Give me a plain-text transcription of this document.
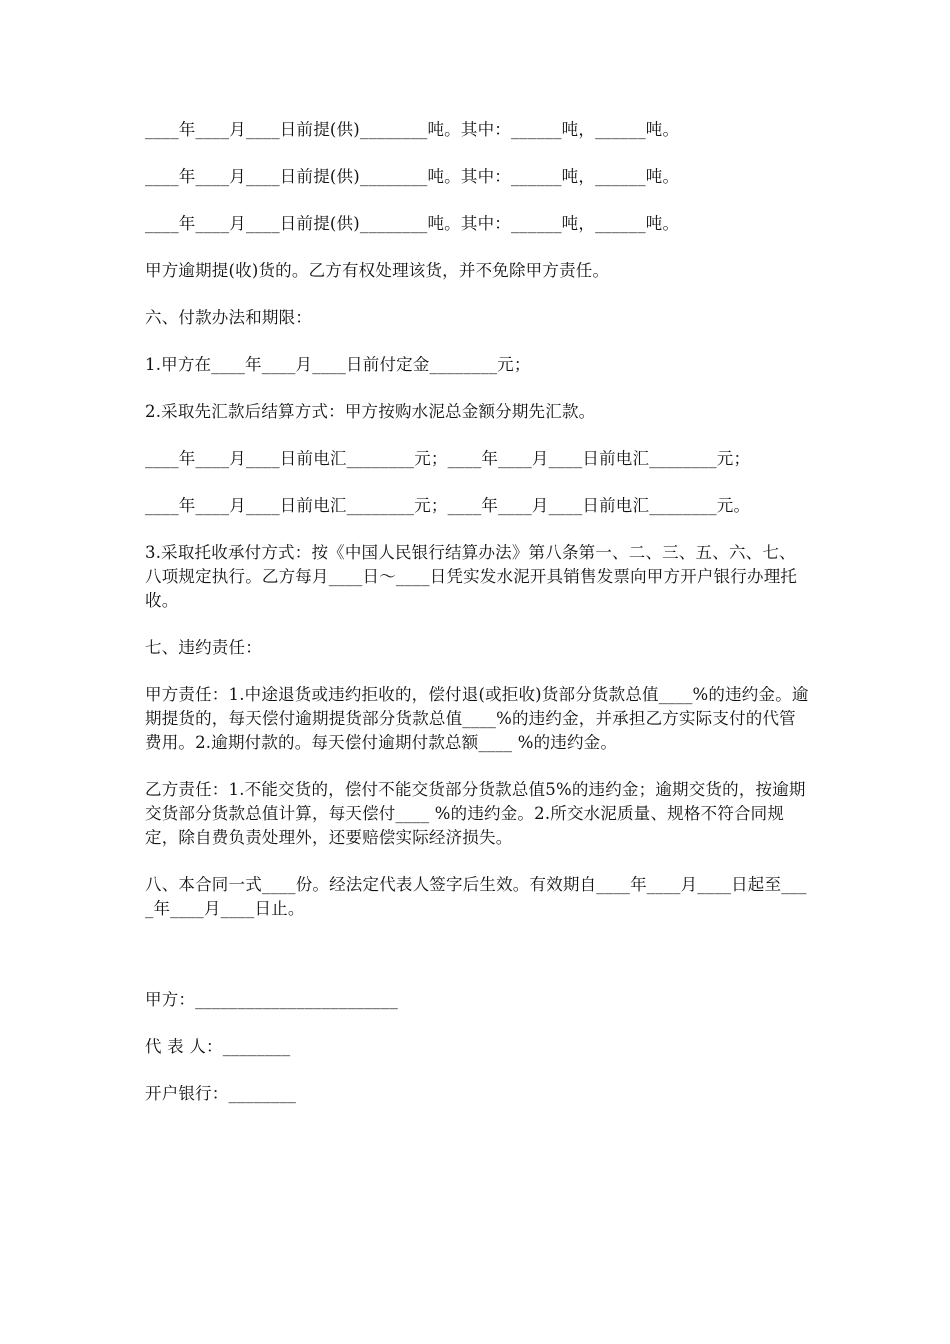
____年____月____日前提(供)________吨。其中：______吨，______吨。

____年____月____日前提(供)________吨。其中：______吨，______吨。

____年____月____日前提(供)________吨。其中：______吨，______吨。

甲方逾期提(收)货的。乙方有权处理该货，并不免除甲方责任。

六、付款办法和期限：

1.甲方在____年____月____日前付定金________元；

2.采取先汇款后结算方式：甲方按购水泥总金额分期先汇款。

____年____月____日前电汇________元；____年____月____日前电汇________元；

____年____月____日前电汇________元；____年____月____日前电汇________元。

3.采取托收承付方式：按《中国人民银行结算办法》第八条第一、二、三、五、六、七、八项规定执行。乙方每月____日～____日凭实发水泥开具销售发票向甲方开户银行办理托收。

七、违约责任：

甲方责任：1.中途退货或违约拒收的，偿付退(或拒收)货部分货款总值____%的违约金。逾期提货的，每天偿付逾期提货部分货款总值____%的违约金，并承担乙方实际支付的代管费用。2.逾期付款的。每天偿付逾期付款总额____ %的违约金。

乙方责任：1.不能交货的，偿付不能交货部分货款总值5%的违约金；逾期交货的，按逾期交货部分货款总值计算，每天偿付____ %的违约金。2.所交水泥质量、规格不符合同规定，除自费负责处理外，还要赔偿实际经济损失。

八、本合同一式____份。经法定代表人签字后生效。有效期自____年____月____日起至____年____月____日止。

甲方：________________________

代 表 人：________

开户银行：________
